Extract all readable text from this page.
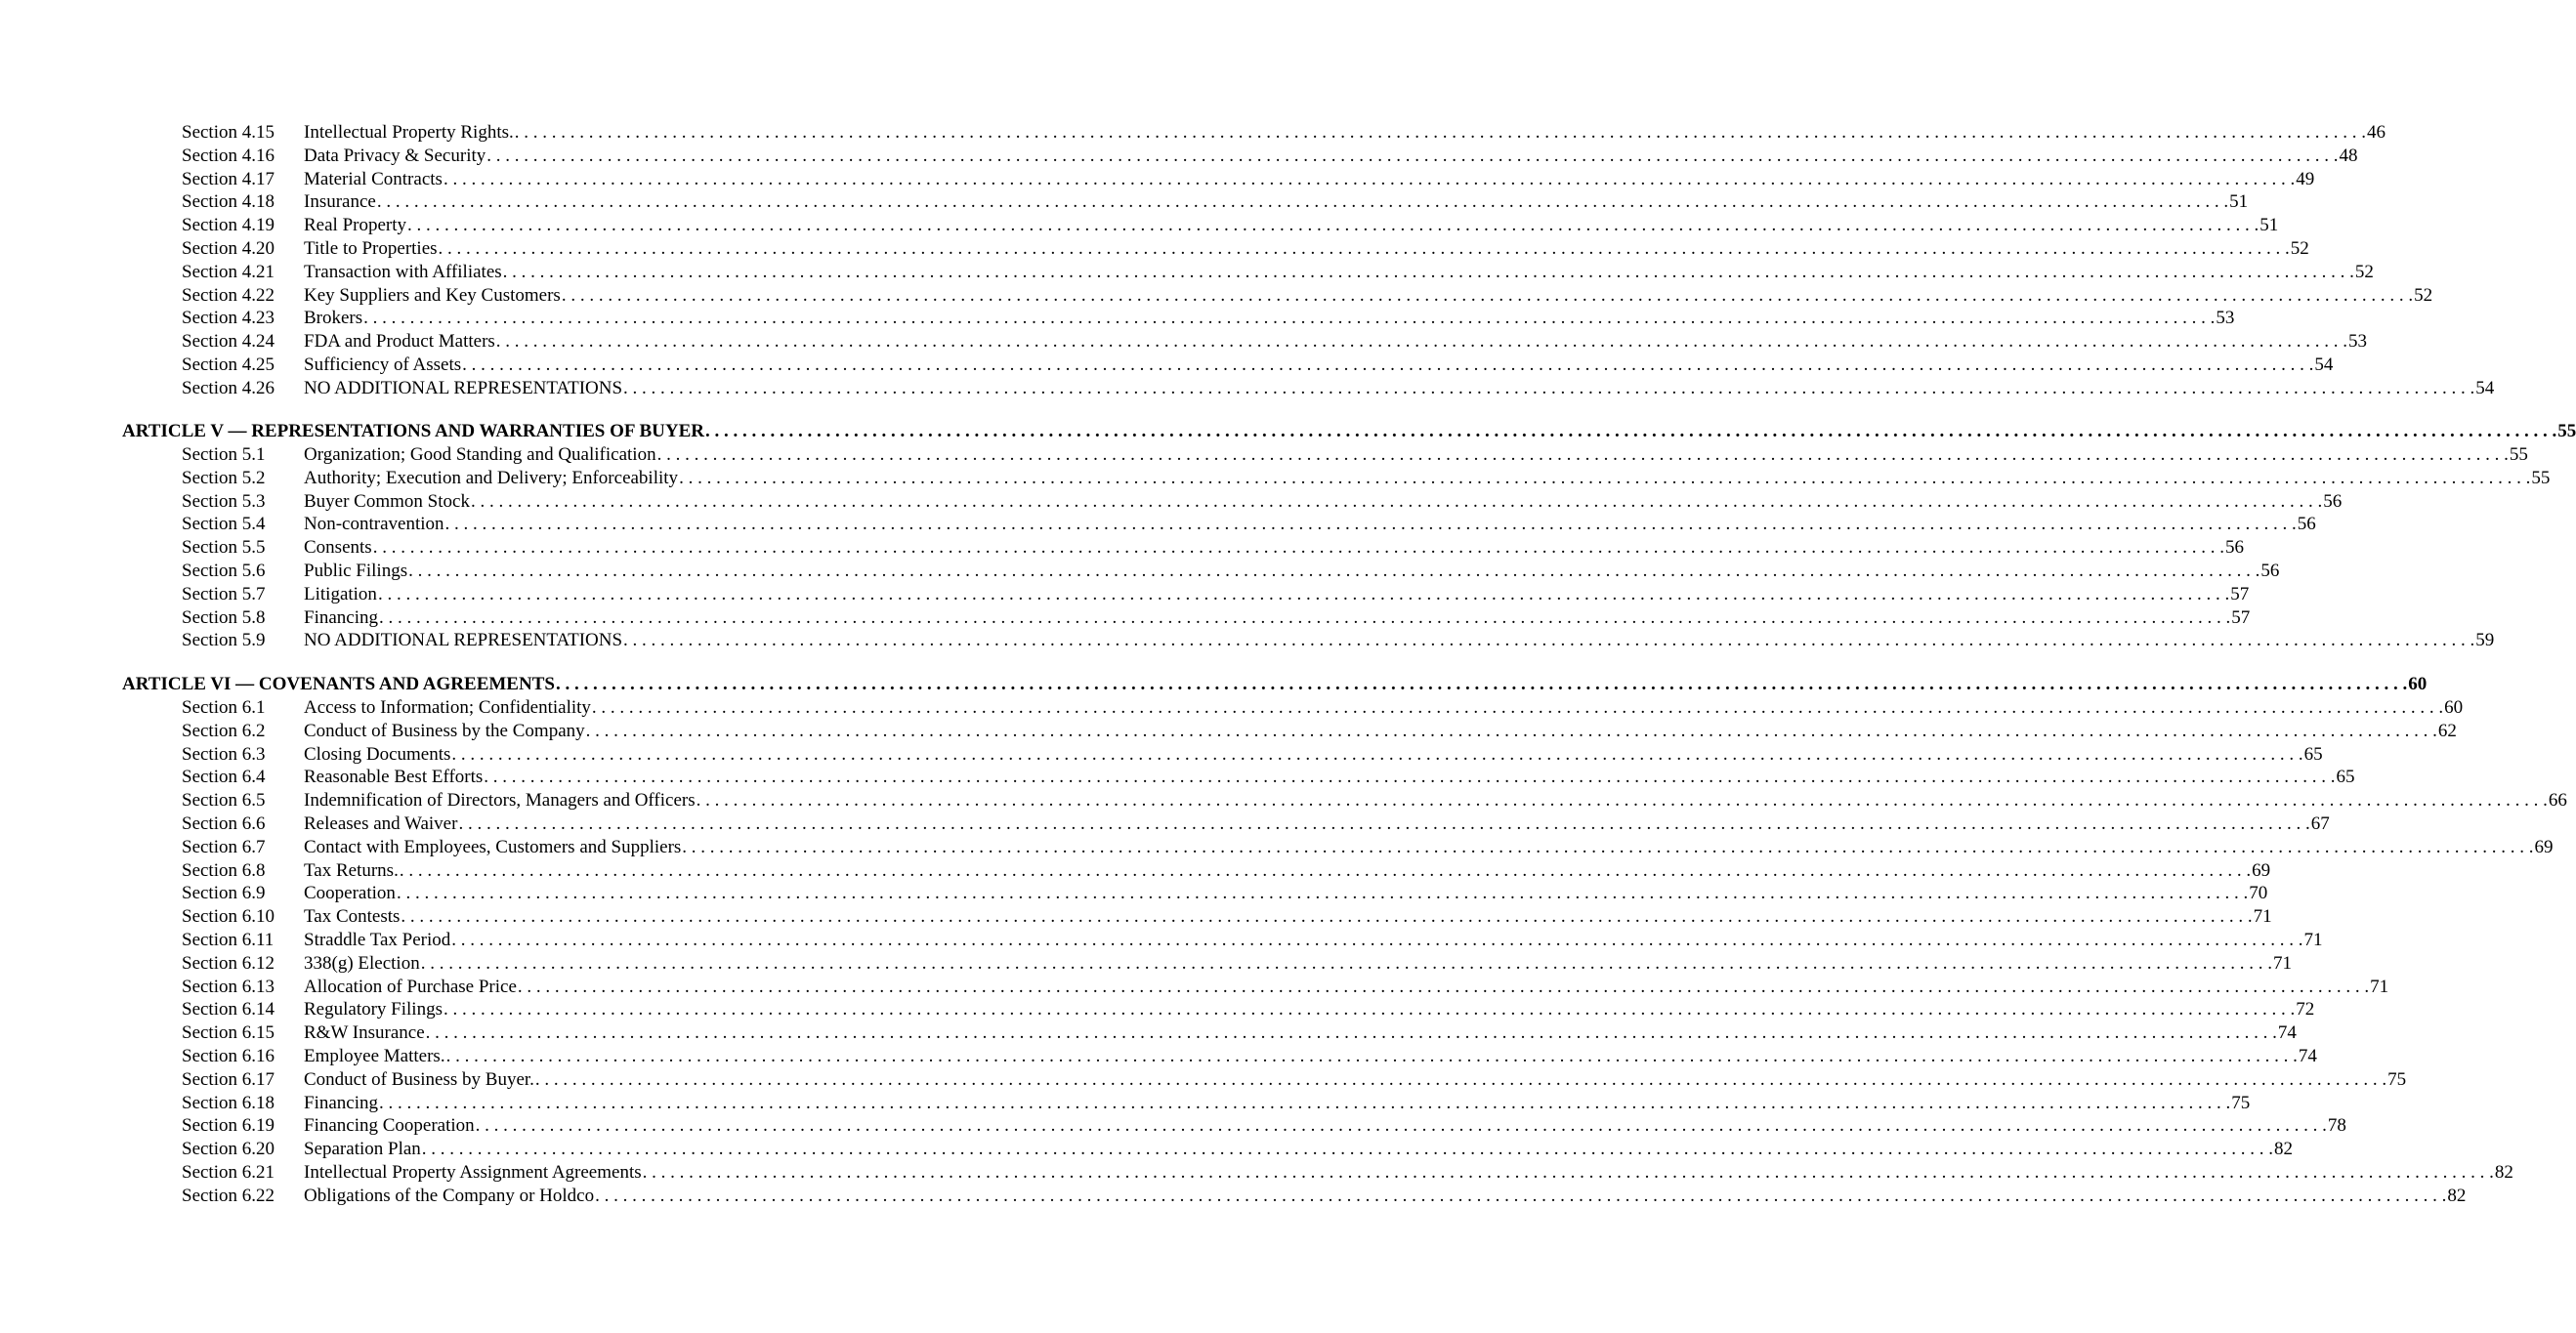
Section 4.15 Intellectual Property Rights. . . . . . . . . . . . . . . . . . . . . . . . . . . . . . . . . . . . . . . . . . . . . . . . . . . . . . . . . . . . . . . . . . . . . . . . . . . . . . . . . . . . . . . . . . . . . . . . . . . . . . . . . . . . . . . . . . . . . . . . . . . . . . . . . . . . . . . . . . . . . . . . . . . . . . . . . . . . . . . . . . . . . . . . . . . . . . . . . . . . . . . . . . . . . . . . . . . . . . . . . 46
Section 4.16 Data Privacy & Security . . . . . . . . . . . . . . . . . . . . . . . . . . . . . . . . . . . . . . . . . . . . . . . . . . . . . . . . . . . . . . . . . . . . . . . . . . . . . . . . . . . . . . . . . . . . . . . . . . . . . . . . . . . . . . . . . . . . . . . . . . . . . . . . . . . . . . . . . . . . . . . . . . . . . . . . . . . . . . . . . . . . . . . . . . . . . . . . . . . . . . . . . . . . . . . . . . . . . . . . 48
Section 4.17 Material Contracts . . . . . . . . . . . . . . . . . . . . . . . . . . . . . . . . . . . . . . . . . . . . . . . . . . . . . . . . . . . . . . . . . . . . . . . . . . . . . . . . . . . . . . . . . . . . . . . . . . . . . . . . . . . . . . . . . . . . . . . . . . . . . . . . . . . . . . . . . . . . . . . . . . . . . . . . . . . . . . . . . . . . . . . . . . . . . . . . . . . . . . . . . . . . . . . . . . . . . . . . 49
Section 4.18 Insurance . . . . . . . . . . . . . . . . . . . . . . . . . . . . . . . . . . . . . . . . . . . . . . . . . . . . . . . . . . . . . . . . . . . . . . . . . . . . . . . . . . . . . . . . . . . . . . . . . . . . . . . . . . . . . . . . . . . . . . . . . . . . . . . . . . . . . . . . . . . . . . . . . . . . . . . . . . . . . . . . . . . . . . . . . . . . . . . . . . . . . . . . . . . . . . . . . . . . . . . . 51
Section 4.19 Real Property . . . . . . . . . . . . . . . . . . . . . . . . . . . . . . . . . . . . . . . . . . . . . . . . . . . . . . . . . . . . . . . . . . . . . . . . . . . . . . . . . . . . . . . . . . . . . . . . . . . . . . . . . . . . . . . . . . . . . . . . . . . . . . . . . . . . . . . . . . . . . . . . . . . . . . . . . . . . . . . . . . . . . . . . . . . . . . . . . . . . . . . . . . . . . . . . . . . . . . . . 51
Section 4.20 Title to Properties . . . . . . . . . . . . . . . . . . . . . . . . . . . . . . . . . . . . . . . . . . . . . . . . . . . . . . . . . . . . . . . . . . . . . . . . . . . . . . . . . . . . . . . . . . . . . . . . . . . . . . . . . . . . . . . . . . . . . . . . . . . . . . . . . . . . . . . . . . . . . . . . . . . . . . . . . . . . . . . . . . . . . . . . . . . . . . . . . . . . . . . . . . . . . . . . . . . . . . . . 52
Section 4.21 Transaction with Affiliates . . . . . . . . . . . . . . . . . . . . . . . . . . . . . . . . . . . . . . . . . . . . . . . . . . . . . . . . . . . . . . . . . . . . . . . . . . . . . . . . . . . . . . . . . . . . . . . . . . . . . . . . . . . . . . . . . . . . . . . . . . . . . . . . . . . . . . . . . . . . . . . . . . . . . . . . . . . . . . . . . . . . . . . . . . . . . . . . . . . . . . . . . . . . . . . . . . . . . . . . 52
Section 4.22 Key Suppliers and Key Customers . . . . . . . . . . . . . . . . . . . . . . . . . . . . . . . . . . . . . . . . . . . . . . . . . . . . . . . . . . . . . . . . . . . . . . . . . . . . . . . . . . . . . . . . . . . . . . . . . . . . . . . . . . . . . . . . . . . . . . . . . . . . . . . . . . . . . . . . . . . . . . . . . . . . . . . . . . . . . . . . . . . . . . . . . . . . . . . . . . . . . . . . . . . . . . . . . . . . . . . . 52
Section 4.23 Brokers . . . . . . . . . . . . . . . . . . . . . . . . . . . . . . . . . . . . . . . . . . . . . . . . . . . . . . . . . . . . . . . . . . . . . . . . . . . . . . . . . . . . . . . . . . . . . . . . . . . . . . . . . . . . . . . . . . . . . . . . . . . . . . . . . . . . . . . . . . . . . . . . . . . . . . . . . . . . . . . . . . . . . . . . . . . . . . . . . . . . . . . . . . . . . . . . . . . . . . . . 53
Section 4.24 FDA and Product Matters . . . . . . . . . . . . . . . . . . . . . . . . . . . . . . . . . . . . . . . . . . . . . . . . . . . . . . . . . . . . . . . . . . . . . . . . . . . . . . . . . . . . . . . . . . . . . . . . . . . . . . . . . . . . . . . . . . . . . . . . . . . . . . . . . . . . . . . . . . . . . . . . . . . . . . . . . . . . . . . . . . . . . . . . . . . . . . . . . . . . . . . . . . . . . . . . . . . . . . . . 53
Section 4.25 Sufficiency of Assets . . . . . . . . . . . . . . . . . . . . . . . . . . . . . . . . . . . . . . . . . . . . . . . . . . . . . . . . . . . . . . . . . . . . . . . . . . . . . . . . . . . . . . . . . . . . . . . . . . . . . . . . . . . . . . . . . . . . . . . . . . . . . . . . . . . . . . . . . . . . . . . . . . . . . . . . . . . . . . . . . . . . . . . . . . . . . . . . . . . . . . . . . . . . . . . . . . . . . . . . 54
Section 4.26 NO ADDITIONAL REPRESENTATIONS . . . . . . . . . . . . . . . . . . . . . . . . . . . . . . . . . . . . . . . . . . . . . . . . . . . . . . . . . . . . . . . . . . . . . . . . . . . . . . . . . . . . . . . . . . . . . . . . . . . . . . . . . . . . . . . . . . . . . . . . . . . . . . . . . . . . . . . . . . . . . . . . . . . . . . . . . . . . . . . . . . . . . . . . . . . . . . . . . . . . . . . . . . . . . . . . . . . . . . . . 54
ARTICLE V — REPRESENTATIONS AND WARRANTIES OF BUYER . . . . . . . . . . . . . . . . . . . . . . . . . . . . . . . . . . . . . . . . . . . . . . . . . . . . . . . . . . . . . . . . . . . . . . . . . . . . . . . . . . . . . . . . . . . . . . . . . . . . . . . . . . . . . . . . . . . . . . . . . . . . . . . . . . . . . . . . . . . . . . . . . . . . . . . . . . . . . . . . . . . . . . . . . . . . . . . . . . . . . . . . . . . . . . . . . . . . . . . . 55
Section 5.1 Organization; Good Standing and Qualification . . . . . . . . . . . . . . . . . . . . . . . . . . . . . . . . . . . . . . . . . . . . . . . . . . . . . . . . . . . . . . . . . . . . . . . . . . . . . . . . . . . . . . . . . . . . . . . . . . . . . . . . . . . . . . . . . . . . . . . . . . . . . . . . . . . . . . . . . . . . . . . . . . . . . . . . . . . . . . . . . . . . . . . . . . . . . . . . . . . . . . . . . . . . . . . . . . . . . . . . 55
Section 5.2 Authority; Execution and Delivery; Enforceability . . . . . . . . . . . . . . . . . . . . . . . . . . . . . . . . . . . . . . . . . . . . . . . . . . . . . . . . . . . . . . . . . . . . . . . . . . . . . . . . . . . . . . . . . . . . . . . . . . . . . . . . . . . . . . . . . . . . . . . . . . . . . . . . . . . . . . . . . . . . . . . . . . . . . . . . . . . . . . . . . . . . . . . . . . . . . . . . . . . . . . . . . . . . . . . . . . . . . . . . 55
Section 5.3 Buyer Common Stock . . . . . . . . . . . . . . . . . . . . . . . . . . . . . . . . . . . . . . . . . . . . . . . . . . . . . . . . . . . . . . . . . . . . . . . . . . . . . . . . . . . . . . . . . . . . . . . . . . . . . . . . . . . . . . . . . . . . . . . . . . . . . . . . . . . . . . . . . . . . . . . . . . . . . . . . . . . . . . . . . . . . . . . . . . . . . . . . . . . . . . . . . . . . . . . . . . . . . . . . 56
Section 5.4 Non-contravention . . . . . . . . . . . . . . . . . . . . . . . . . . . . . . . . . . . . . . . . . . . . . . . . . . . . . . . . . . . . . . . . . . . . . . . . . . . . . . . . . . . . . . . . . . . . . . . . . . . . . . . . . . . . . . . . . . . . . . . . . . . . . . . . . . . . . . . . . . . . . . . . . . . . . . . . . . . . . . . . . . . . . . . . . . . . . . . . . . . . . . . . . . . . . . . . . . . . . . . . 56
Section 5.5 Consents . . . . . . . . . . . . . . . . . . . . . . . . . . . . . . . . . . . . . . . . . . . . . . . . . . . . . . . . . . . . . . . . . . . . . . . . . . . . . . . . . . . . . . . . . . . . . . . . . . . . . . . . . . . . . . . . . . . . . . . . . . . . . . . . . . . . . . . . . . . . . . . . . . . . . . . . . . . . . . . . . . . . . . . . . . . . . . . . . . . . . . . . . . . . . . . . . . . . . . . . 56
Section 5.6 Public Filings . . . . . . . . . . . . . . . . . . . . . . . . . . . . . . . . . . . . . . . . . . . . . . . . . . . . . . . . . . . . . . . . . . . . . . . . . . . . . . . . . . . . . . . . . . . . . . . . . . . . . . . . . . . . . . . . . . . . . . . . . . . . . . . . . . . . . . . . . . . . . . . . . . . . . . . . . . . . . . . . . . . . . . . . . . . . . . . . . . . . . . . . . . . . . . . . . . . . . . . . 56
Section 5.7 Litigation . . . . . . . . . . . . . . . . . . . . . . . . . . . . . . . . . . . . . . . . . . . . . . . . . . . . . . . . . . . . . . . . . . . . . . . . . . . . . . . . . . . . . . . . . . . . . . . . . . . . . . . . . . . . . . . . . . . . . . . . . . . . . . . . . . . . . . . . . . . . . . . . . . . . . . . . . . . . . . . . . . . . . . . . . . . . . . . . . . . . . . . . . . . . . . . . . . . . . . . . 57
Section 5.8 Financing . . . . . . . . . . . . . . . . . . . . . . . . . . . . . . . . . . . . . . . . . . . . . . . . . . . . . . . . . . . . . . . . . . . . . . . . . . . . . . . . . . . . . . . . . . . . . . . . . . . . . . . . . . . . . . . . . . . . . . . . . . . . . . . . . . . . . . . . . . . . . . . . . . . . . . . . . . . . . . . . . . . . . . . . . . . . . . . . . . . . . . . . . . . . . . . . . . . . . . . . 57
Section 5.9 NO ADDITIONAL REPRESENTATIONS . . . . . . . . . . . . . . . . . . . . . . . . . . . . . . . . . . . . . . . . . . . . . . . . . . . . . . . . . . . . . . . . . . . . . . . . . . . . . . . . . . . . . . . . . . . . . . . . . . . . . . . . . . . . . . . . . . . . . . . . . . . . . . . . . . . . . . . . . . . . . . . . . . . . . . . . . . . . . . . . . . . . . . . . . . . . . . . . . . . . . . . . . . . . . . . . . . . . . . . . 59
ARTICLE VI — COVENANTS AND AGREEMENTS . . . . . . . . . . . . . . . . . . . . . . . . . . . . . . . . . . . . . . . . . . . . . . . . . . . . . . . . . . . . . . . . . . . . . . . . . . . . . . . . . . . . . . . . . . . . . . . . . . . . . . . . . . . . . . . . . . . . . . . . . . . . . . . . . . . . . . . . . . . . . . . . . . . . . . . . . . . . . . . . . . . . . . . . . . . . . . . . . . . . . . . . . . . . . . . . . . . . . . . . 60
Section 6.1 Access to Information; Confidentiality . . . . . . . . . . . . . . . . . . . . . . . . . . . . . . . . . . . . . . . . . . . . . . . . . . . . . . . . . . . . . . . . . . . . . . . . . . . . . . . . . . . . . . . . . . . . . . . . . . . . . . . . . . . . . . . . . . . . . . . . . . . . . . . . . . . . . . . . . . . . . . . . . . . . . . . . . . . . . . . . . . . . . . . . . . . . . . . . . . . . . . . . . . . . . . . . . . . . . . . . 60
Section 6.2 Conduct of Business by the Company . . . . . . . . . . . . . . . . . . . . . . . . . . . . . . . . . . . . . . . . . . . . . . . . . . . . . . . . . . . . . . . . . . . . . . . . . . . . . . . . . . . . . . . . . . . . . . . . . . . . . . . . . . . . . . . . . . . . . . . . . . . . . . . . . . . . . . . . . . . . . . . . . . . . . . . . . . . . . . . . . . . . . . . . . . . . . . . . . . . . . . . . . . . . . . . . . . . . . . . . 62
Section 6.3 Closing Documents . . . . . . . . . . . . . . . . . . . . . . . . . . . . . . . . . . . . . . . . . . . . . . . . . . . . . . . . . . . . . . . . . . . . . . . . . . . . . . . . . . . . . . . . . . . . . . . . . . . . . . . . . . . . . . . . . . . . . . . . . . . . . . . . . . . . . . . . . . . . . . . . . . . . . . . . . . . . . . . . . . . . . . . . . . . . . . . . . . . . . . . . . . . . . . . . . . . . . . . . 65
Section 6.4 Reasonable Best Efforts . . . . . . . . . . . . . . . . . . . . . . . . . . . . . . . . . . . . . . . . . . . . . . . . . . . . . . . . . . . . . . . . . . . . . . . . . . . . . . . . . . . . . . . . . . . . . . . . . . . . . . . . . . . . . . . . . . . . . . . . . . . . . . . . . . . . . . . . . . . . . . . . . . . . . . . . . . . . . . . . . . . . . . . . . . . . . . . . . . . . . . . . . . . . . . . . . . . . . . . . 65
Section 6.5 Indemnification of Directors, Managers and Officers . . . . . . . . . . . . . . . . . . . . . . . . . . . . . . . . . . . . . . . . . . . . . . . . . . . . . . . . . . . . . . . . . . . . . . . . . . . . . . . . . . . . . . . . . . . . . . . . . . . . . . . . . . . . . . . . . . . . . . . . . . . . . . . . . . . . . . . . . . . . . . . . . . . . . . . . . . . . . . . . . . . . . . . . . . . . . . . . . . . . . . . . . . . . . . . . . . . . . . . . 66
Section 6.6 Releases and Waiver . . . . . . . . . . . . . . . . . . . . . . . . . . . . . . . . . . . . . . . . . . . . . . . . . . . . . . . . . . . . . . . . . . . . . . . . . . . . . . . . . . . . . . . . . . . . . . . . . . . . . . . . . . . . . . . . . . . . . . . . . . . . . . . . . . . . . . . . . . . . . . . . . . . . . . . . . . . . . . . . . . . . . . . . . . . . . . . . . . . . . . . . . . . . . . . . . . . . . . . . 67
Section 6.7 Contact with Employees, Customers and Suppliers . . . . . . . . . . . . . . . . . . . . . . . . . . . . . . . . . . . . . . . . . . . . . . . . . . . . . . . . . . . . . . . . . . . . . . . . . . . . . . . . . . . . . . . . . . . . . . . . . . . . . . . . . . . . . . . . . . . . . . . . . . . . . . . . . . . . . . . . . . . . . . . . . . . . . . . . . . . . . . . . . . . . . . . . . . . . . . . . . . . . . . . . . . . . . . . . . . . . . . . . 69
Section 6.8 Tax Returns. . . . . . . . . . . . . . . . . . . . . . . . . . . . . . . . . . . . . . . . . . . . . . . . . . . . . . . . . . . . . . . . . . . . . . . . . . . . . . . . . . . . . . . . . . . . . . . . . . . . . . . . . . . . . . . . . . . . . . . . . . . . . . . . . . . . . . . . . . . . . . . . . . . . . . . . . . . . . . . . . . . . . . . . . . . . . . . . . . . . . . . . . . . . . . . . . . . . . . . . . 69
Section 6.9 Cooperation . . . . . . . . . . . . . . . . . . . . . . . . . . . . . . . . . . . . . . . . . . . . . . . . . . . . . . . . . . . . . . . . . . . . . . . . . . . . . . . . . . . . . . . . . . . . . . . . . . . . . . . . . . . . . . . . . . . . . . . . . . . . . . . . . . . . . . . . . . . . . . . . . . . . . . . . . . . . . . . . . . . . . . . . . . . . . . . . . . . . . . . . . . . . . . . . . . . . . . . . 70
Section 6.10 Tax Contests . . . . . . . . . . . . . . . . . . . . . . . . . . . . . . . . . . . . . . . . . . . . . . . . . . . . . . . . . . . . . . . . . . . . . . . . . . . . . . . . . . . . . . . . . . . . . . . . . . . . . . . . . . . . . . . . . . . . . . . . . . . . . . . . . . . . . . . . . . . . . . . . . . . . . . . . . . . . . . . . . . . . . . . . . . . . . . . . . . . . . . . . . . . . . . . . . . . . . . . . 71
Section 6.11 Straddle Tax Period . . . . . . . . . . . . . . . . . . . . . . . . . . . . . . . . . . . . . . . . . . . . . . . . . . . . . . . . . . . . . . . . . . . . . . . . . . . . . . . . . . . . . . . . . . . . . . . . . . . . . . . . . . . . . . . . . . . . . . . . . . . . . . . . . . . . . . . . . . . . . . . . . . . . . . . . . . . . . . . . . . . . . . . . . . . . . . . . . . . . . . . . . . . . . . . . . . . . . . . . 71
Section 6.12 338(g) Election . . . . . . . . . . . . . . . . . . . . . . . . . . . . . . . . . . . . . . . . . . . . . . . . . . . . . . . . . . . . . . . . . . . . . . . . . . . . . . . . . . . . . . . . . . . . . . . . . . . . . . . . . . . . . . . . . . . . . . . . . . . . . . . . . . . . . . . . . . . . . . . . . . . . . . . . . . . . . . . . . . . . . . . . . . . . . . . . . . . . . . . . . . . . . . . . . . . . . . . . 71
Section 6.13 Allocation of Purchase Price . . . . . . . . . . . . . . . . . . . . . . . . . . . . . . . . . . . . . . . . . . . . . . . . . . . . . . . . . . . . . . . . . . . . . . . . . . . . . . . . . . . . . . . . . . . . . . . . . . . . . . . . . . . . . . . . . . . . . . . . . . . . . . . . . . . . . . . . . . . . . . . . . . . . . . . . . . . . . . . . . . . . . . . . . . . . . . . . . . . . . . . . . . . . . . . . . . . . . . . . 71
Section 6.14 Regulatory Filings . . . . . . . . . . . . . . . . . . . . . . . . . . . . . . . . . . . . . . . . . . . . . . . . . . . . . . . . . . . . . . . . . . . . . . . . . . . . . . . . . . . . . . . . . . . . . . . . . . . . . . . . . . . . . . . . . . . . . . . . . . . . . . . . . . . . . . . . . . . . . . . . . . . . . . . . . . . . . . . . . . . . . . . . . . . . . . . . . . . . . . . . . . . . . . . . . . . . . . . . 72
Section 6.15 R&W Insurance . . . . . . . . . . . . . . . . . . . . . . . . . . . . . . . . . . . . . . . . . . . . . . . . . . . . . . . . . . . . . . . . . . . . . . . . . . . . . . . . . . . . . . . . . . . . . . . . . . . . . . . . . . . . . . . . . . . . . . . . . . . . . . . . . . . . . . . . . . . . . . . . . . . . . . . . . . . . . . . . . . . . . . . . . . . . . . . . . . . . . . . . . . . . . . . . . . . . . . . . 74
Section 6.16 Employee Matters. . . . . . . . . . . . . . . . . . . . . . . . . . . . . . . . . . . . . . . . . . . . . . . . . . . . . . . . . . . . . . . . . . . . . . . . . . . . . . . . . . . . . . . . . . . . . . . . . . . . . . . . . . . . . . . . . . . . . . . . . . . . . . . . . . . . . . . . . . . . . . . . . . . . . . . . . . . . . . . . . . . . . . . . . . . . . . . . . . . . . . . . . . . . . . . . . . . . . . . . . 74
Section 6.17 Conduct of Business by Buyer. . . . . . . . . . . . . . . . . . . . . . . . . . . . . . . . . . . . . . . . . . . . . . . . . . . . . . . . . . . . . . . . . . . . . . . . . . . . . . . . . . . . . . . . . . . . . . . . . . . . . . . . . . . . . . . . . . . . . . . . . . . . . . . . . . . . . . . . . . . . . . . . . . . . . . . . . . . . . . . . . . . . . . . . . . . . . . . . . . . . . . . . . . . . . . . . . . . . . . . . . 75
Section 6.18 Financing . . . . . . . . . . . . . . . . . . . . . . . . . . . . . . . . . . . . . . . . . . . . . . . . . . . . . . . . . . . . . . . . . . . . . . . . . . . . . . . . . . . . . . . . . . . . . . . . . . . . . . . . . . . . . . . . . . . . . . . . . . . . . . . . . . . . . . . . . . . . . . . . . . . . . . . . . . . . . . . . . . . . . . . . . . . . . . . . . . . . . . . . . . . . . . . . . . . . . . . . 75
Section 6.19 Financing Cooperation . . . . . . . . . . . . . . . . . . . . . . . . . . . . . . . . . . . . . . . . . . . . . . . . . . . . . . . . . . . . . . . . . . . . . . . . . . . . . . . . . . . . . . . . . . . . . . . . . . . . . . . . . . . . . . . . . . . . . . . . . . . . . . . . . . . . . . . . . . . . . . . . . . . . . . . . . . . . . . . . . . . . . . . . . . . . . . . . . . . . . . . . . . . . . . . . . . . . . . . . 78
Section 6.20 Separation Plan . . . . . . . . . . . . . . . . . . . . . . . . . . . . . . . . . . . . . . . . . . . . . . . . . . . . . . . . . . . . . . . . . . . . . . . . . . . . . . . . . . . . . . . . . . . . . . . . . . . . . . . . . . . . . . . . . . . . . . . . . . . . . . . . . . . . . . . . . . . . . . . . . . . . . . . . . . . . . . . . . . . . . . . . . . . . . . . . . . . . . . . . . . . . . . . . . . . . . . . . 82
Section 6.21 Intellectual Property Assignment Agreements . . . . . . . . . . . . . . . . . . . . . . . . . . . . . . . . . . . . . . . . . . . . . . . . . . . . . . . . . . . . . . . . . . . . . . . . . . . . . . . . . . . . . . . . . . . . . . . . . . . . . . . . . . . . . . . . . . . . . . . . . . . . . . . . . . . . . . . . . . . . . . . . . . . . . . . . . . . . . . . . . . . . . . . . . . . . . . . . . . . . . . . . . . . . . . . . . . . . . . . . 82
Section 6.22 Obligations of the Company or Holdco . . . . . . . . . . . . . . . . . . . . . . . . . . . . . . . . . . . . . . . . . . . . . . . . . . . . . . . . . . . . . . . . . . . . . . . . . . . . . . . . . . . . . . . . . . . . . . . . . . . . . . . . . . . . . . . . . . . . . . . . . . . . . . . . . . . . . . . . . . . . . . . . . . . . . . . . . . . . . . . . . . . . . . . . . . . . . . . . . . . . . . . . . . . . . . . . . . . . . . . . 82
